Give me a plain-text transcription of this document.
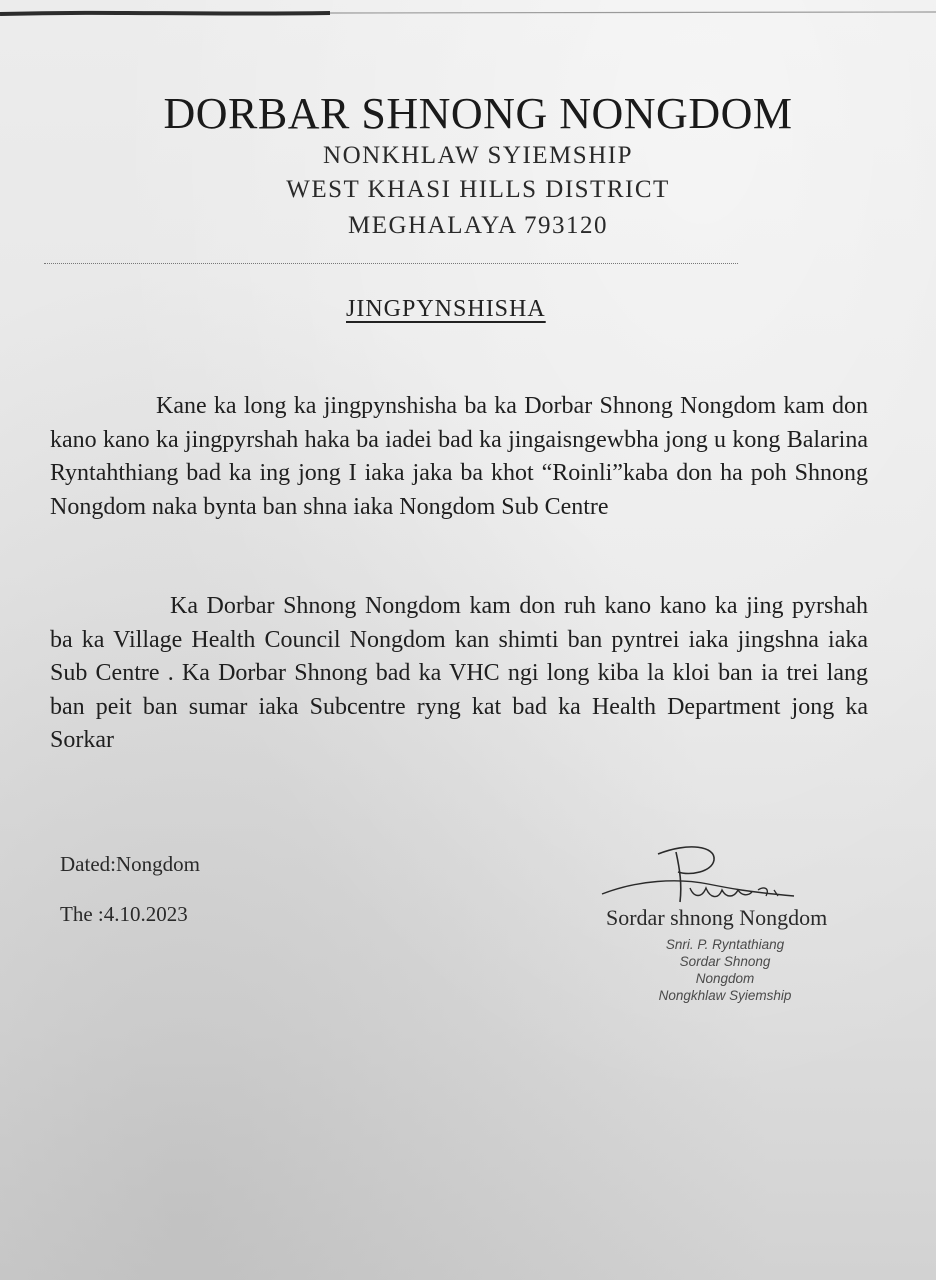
DORBAR SHNONG NONGDOM
NONKHLAW SYIEMSHIP
WEST KHASI HILLS DISTRICT
MEGHALAYA 793120
JINGPYNSHISHA

Kane ka long ka jingpynshisha ba ka Dorbar Shnong Nongdom kam don kano kano ka jingpyrshah haka ba iadei bad ka jingaisngewbha jong u kong Balarina Ryntahthiang bad ka ing jong I iaka jaka ba khot “Roinli”kaba don ha poh Shnong Nongdom naka bynta ban shna iaka Nongdom Sub Centre

Ka Dorbar Shnong Nongdom kam don ruh kano kano ka jing pyrshah ba ka Village Health Council Nongdom kan shimti ban pyntrei iaka jingshna iaka Sub Centre . Ka Dorbar Shnong bad ka VHC ngi long kiba la kloi ban ia trei lang ban peit ban sumar iaka Subcentre ryng kat bad ka Health Department jong ka Sorkar

Dated:Nongdom
The :4.10.2023	Sordar shnong Nongdom
Snri. P. Ryntathiang
Sordar Shnong
Nongdom
Nongkhlaw Syiemship
